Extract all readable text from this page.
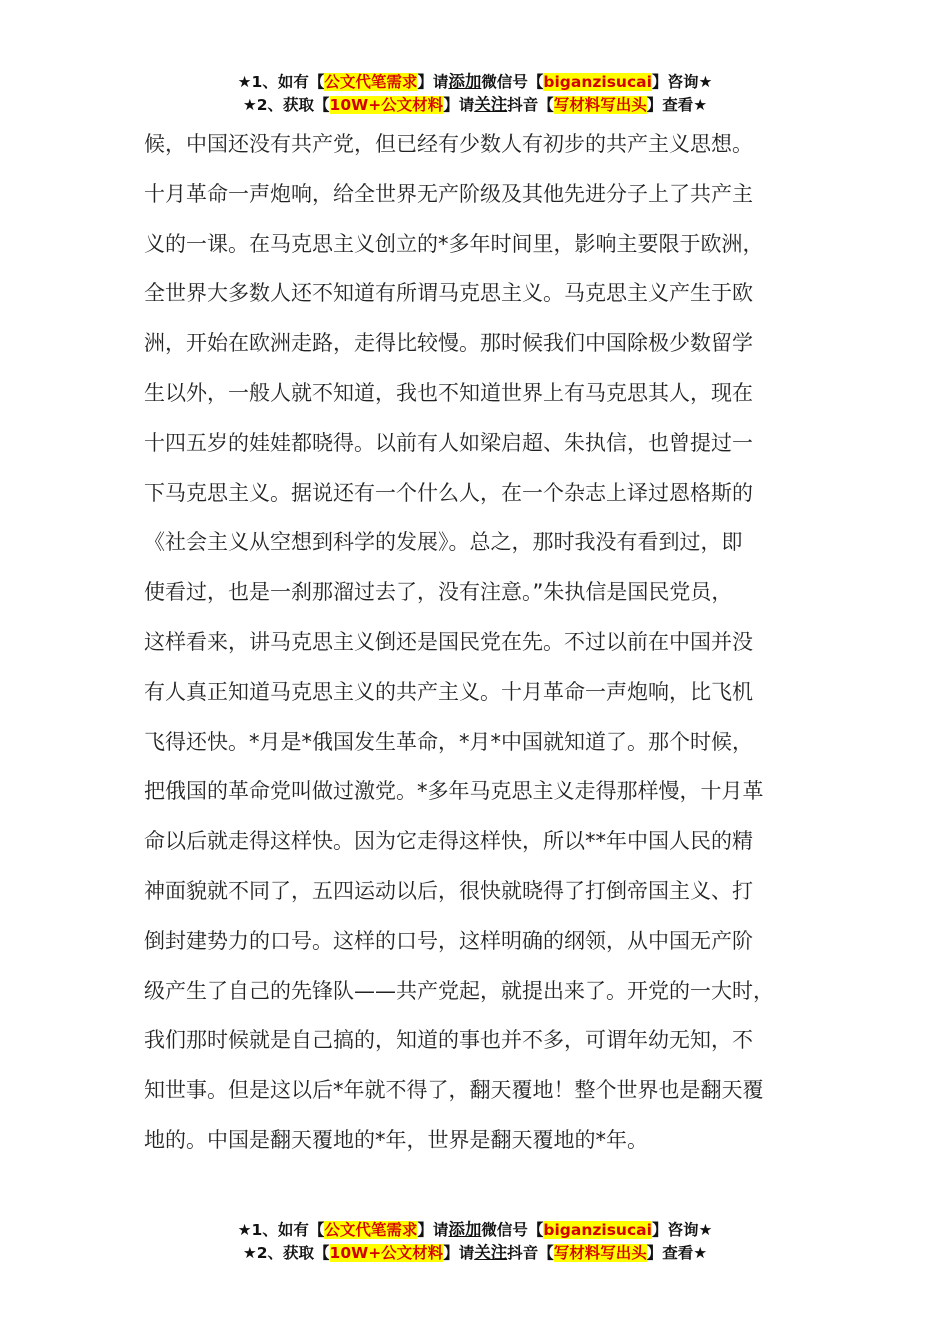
★1、如有【公文代笔需求】请添加微信号【biganzisucai】咨询★
★2、获取【10W+公文材料】请关注抖音【写材料写出头】查看★
候，中国还没有共产党，但已经有少数人有初步的共产主义思想。
十月革命一声炮响，给全世界无产阶级及其他先进分子上了共产主
义的一课。在马克思主义创立的*多年时间里，影响主要限于欧洲，
全世界大多数人还不知道有所谓马克思主义。马克思主义产生于欧
洲，开始在欧洲走路，走得比较慢。那时候我们中国除极少数留学
生以外，一般人就不知道，我也不知道世界上有马克思其人，现在
十四五岁的娃娃都晓得。以前有人如梁启超、朱执信，也曾提过一
下马克思主义。据说还有一个什么人，在一个杂志上译过恩格斯的
《社会主义从空想到科学的发展》。总之，那时我没有看到过，即
使看过，也是一刹那溜过去了，没有注意。”朱执信是国民党员，
这样看来，讲马克思主义倒还是国民党在先。不过以前在中国并没
有人真正知道马克思主义的共产主义。十月革命一声炮响，比飞机
飞得还快。*月是*俄国发生革命，*月*中国就知道了。那个时候，
把俄国的革命党叫做过激党。*多年马克思主义走得那样慢，十月革
命以后就走得这样快。因为它走得这样快，所以**年中国人民的精
神面貌就不同了，五四运动以后，很快就晓得了打倒帝国主义、打
倒封建势力的口号。这样的口号，这样明确的纲领，从中国无产阶
级产生了自己的先锋队——共产党起，就提出来了。开党的一大时，
我们那时候就是自己搞的，知道的事也并不多，可谓年幼无知，不
知世事。但是这以后*年就不得了，翻天覆地！整个世界也是翻天覆
地的。中国是翻天覆地的*年，世界是翻天覆地的*年。
★1、如有【公文代笔需求】请添加微信号【biganzisucai】咨询★
★2、获取【10W+公文材料】请关注抖音【写材料写出头】查看★
